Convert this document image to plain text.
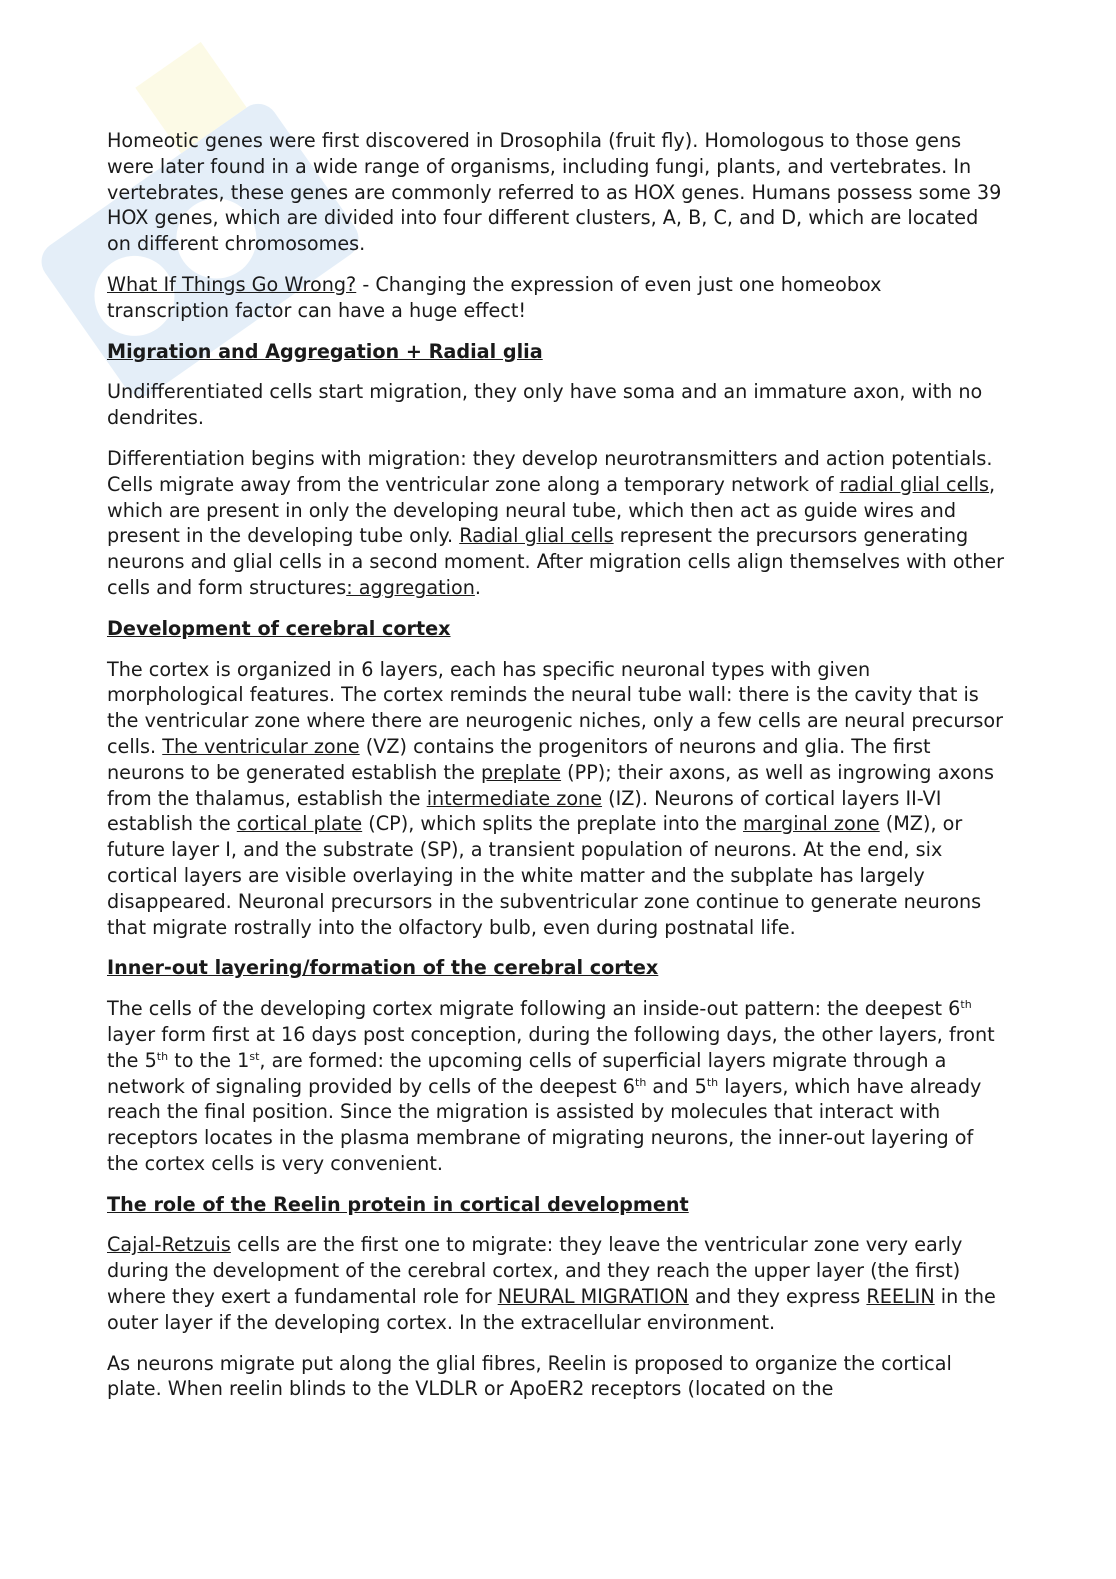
Homeotic genes were first discovered in Drosophila (fruit fly). Homologous to those gens were later found in a wide range of organisms, including fungi, plants, and vertebrates. In vertebrates, these genes are commonly referred to as HOX genes. Humans possess some 39 HOX genes, which are divided into four different clusters, A, B, C, and D, which are located on different chromosomes.

What If Things Go Wrong? - Changing the expression of even just one homeobox transcription factor can have a huge effect!

Migration and Aggregation + Radial glia

Undifferentiated cells start migration, they only have soma and an immature axon, with no dendrites.

Differentiation begins with migration: they develop neurotransmitters and action potentials. Cells migrate away from the ventricular zone along a temporary network of radial glial cells, which are present in only the developing neural tube, which then act as guide wires and present in the developing tube only. Radial glial cells represent the precursors generating neurons and glial cells in a second moment. After migration cells align themselves with other cells and form structures: aggregation.

Development of cerebral cortex

The cortex is organized in 6 layers, each has specific neuronal types with given morphological features. The cortex reminds the neural tube wall: there is the cavity that is the ventricular zone where there are neurogenic niches, only a few cells are neural precursor cells. The ventricular zone (VZ) contains the progenitors of neurons and glia. The first neurons to be generated establish the preplate (PP); their axons, as well as ingrowing axons from the thalamus, establish the intermediate zone (IZ). Neurons of cortical layers II-VI establish the cortical plate (CP), which splits the preplate into the marginal zone (MZ), or future layer I, and the substrate (SP), a transient population of neurons. At the end, six cortical layers are visible overlaying in the white matter and the subplate has largely disappeared. Neuronal precursors in the subventricular zone continue to generate neurons that migrate rostrally into the olfactory bulb, even during postnatal life.

Inner-out layering/formation of the cerebral cortex

The cells of the developing cortex migrate following an inside-out pattern: the deepest 6th layer form first at 16 days post conception, during the following days, the other layers, front the 5th to the 1st, are formed: the upcoming cells of superficial layers migrate through a network of signaling provided by cells of the deepest 6th and 5th layers, which have already reach the final position. Since the migration is assisted by molecules that interact with receptors locates in the plasma membrane of migrating neurons, the inner-out layering of the cortex cells is very convenient.

The role of the Reelin protein in cortical development

Cajal-Retzuis cells are the first one to migrate: they leave the ventricular zone very early during the development of the cerebral cortex, and they reach the upper layer (the first) where they exert a fundamental role for NEURAL MIGRATION and they express REELIN in the outer layer if the developing cortex. In the extracellular environment.

As neurons migrate put along the glial fibres, Reelin is proposed to organize the cortical plate. When reelin blinds to the VLDLR or ApoER2 receptors (located on the
